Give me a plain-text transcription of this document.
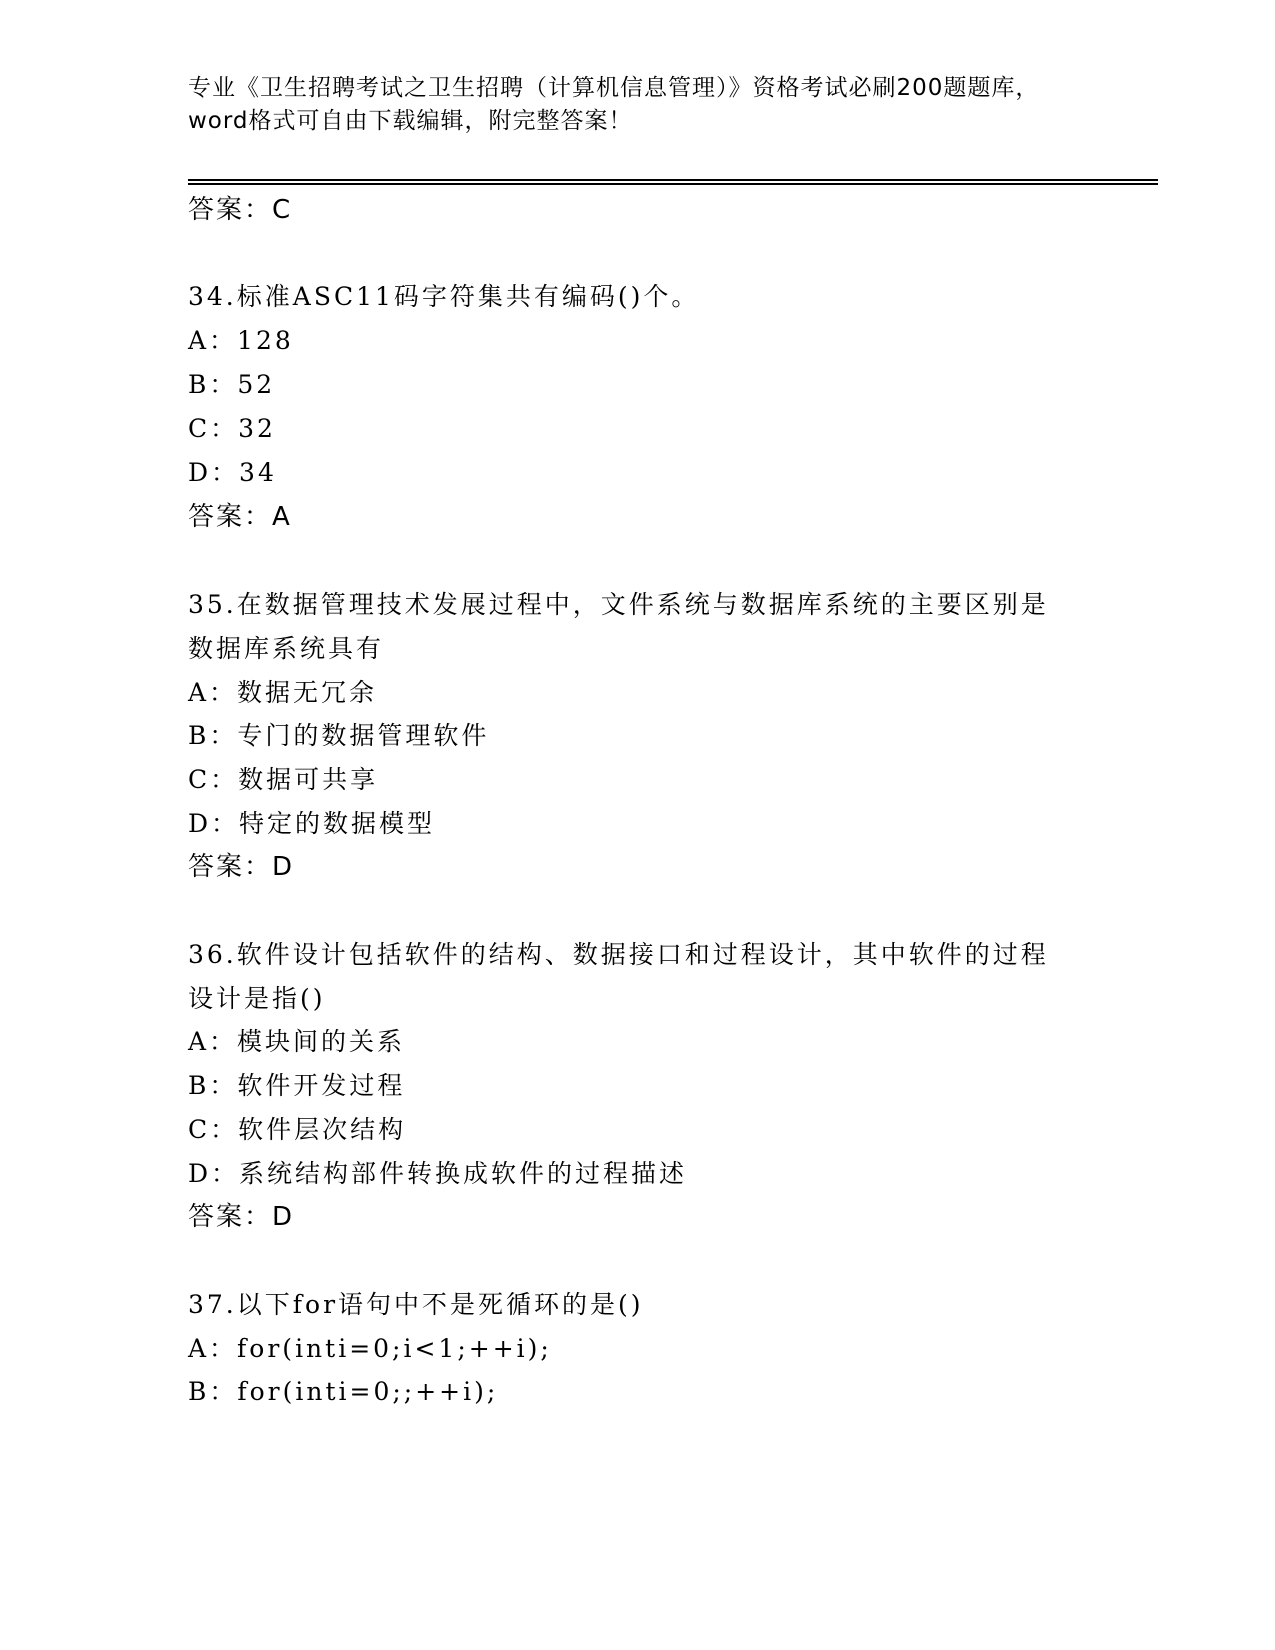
专业《卫生招聘考试之卫生招聘（计算机信息管理）》资格考试必刷200题题库，
word格式可自由下载编辑，附完整答案！
答案：C
34.标准ASC11码字符集共有编码()个。
A：128
B：52
C：32
D：34
答案：A
35.在数据管理技术发展过程中，文件系统与数据库系统的主要区别是
数据库系统具有
A：数据无冗余
B：专门的数据管理软件
C：数据可共享
D：特定的数据模型
答案：D
36.软件设计包括软件的结构、数据接口和过程设计，其中软件的过程
设计是指()
A：模块间的关系
B：软件开发过程
C：软件层次结构
D：系统结构部件转换成软件的过程描述
答案：D
37.以下for语句中不是死循环的是()
A：for(inti=0;i<1;++i);
B：for(inti=0;;++i);
